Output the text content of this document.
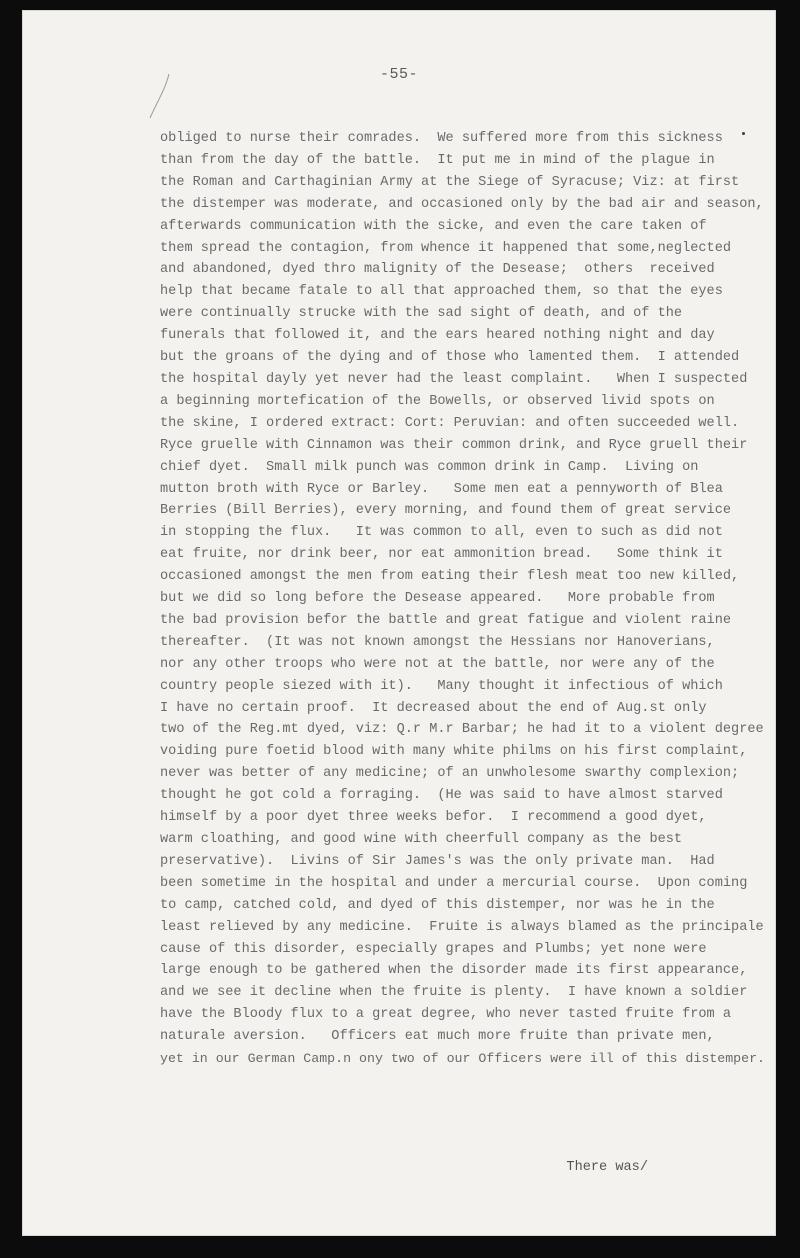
-55-
obliged to nurse their comrades.  We suffered more from this sickness
than from the day of the battle.  It put me in mind of the plague in
the Roman and Carthaginian Army at the Siege of Syracuse; Viz: at first
the distemper was moderate, and occasioned only by the bad air and season,
afterwards communication with the sicke, and even the care taken of
them spread the contagion, from whence it happened that some,neglected
and abandoned, dyed thro malignity of the Desease;  others  received
help that became fatale to all that approached them, so that the eyes
were continually strucke with the sad sight of death, and of the
funerals that followed it, and the ears heared nothing night and day
but the groans of the dying and of those who lamented them.  I attended
the hospital dayly yet never had the least complaint.   When I suspected
a beginning mortefication of the Bowells, or observed livid spots on
the skine, I ordered extract: Cort: Peruvian: and often succeeded well.
Ryce gruelle with Cinnamon was their common drink, and Ryce gruell their
chief dyet.  Small milk punch was common drink in Camp.  Living on
mutton broth with Ryce or Barley.   Some men eat a pennyworth of Blea
Berries (Bill Berries), every morning, and found them of great service
in stopping the flux.   It was common to all, even to such as did not
eat fruite, nor drink beer, nor eat ammonition bread.   Some think it
occasioned amongst the men from eating their flesh meat too new killed,
but we did so long before the Desease appeared.   More probable from
the bad provision befor the battle and great fatigue and violent raine
thereafter.  (It was not known amongst the Hessians nor Hanoverians,
nor any other troops who were not at the battle, nor were any of the
country people siezed with it).   Many thought it infectious of which
I have no certain proof.  It decreased about the end of Aug.st only
two of the Reg.mt dyed, viz: Q.r M.r Barbar; he had it to a violent degree
voiding pure foetid blood with many white philms on his first complaint,
never was better of any medicine; of an unwholesome swarthy complexion;
thought he got cold a forraging.  (He was said to have almost starved
himself by a poor dyet three weeks befor.  I recommend a good dyet,
warm cloathing, and good wine with cheerfull company as the best
preservative).  Livins of Sir James's was the only private man.  Had
been sometime in the hospital and under a mercurial course.  Upon coming
to camp, catched cold, and dyed of this distemper, nor was he in the
least relieved by any medicine.  Fruite is always blamed as the principale
cause of this disorder, especially grapes and Plumbs; yet none were
large enough to be gathered when the disorder made its first appearance,
and we see it decline when the fruite is plenty.  I have known a soldier
have the Bloody flux to a great degree, who never tasted fruite from a
naturale aversion.   Officers eat much more fruite than private men,
yet in our German Camp.n ony two of our Officers were ill of this distemper.
There was/
